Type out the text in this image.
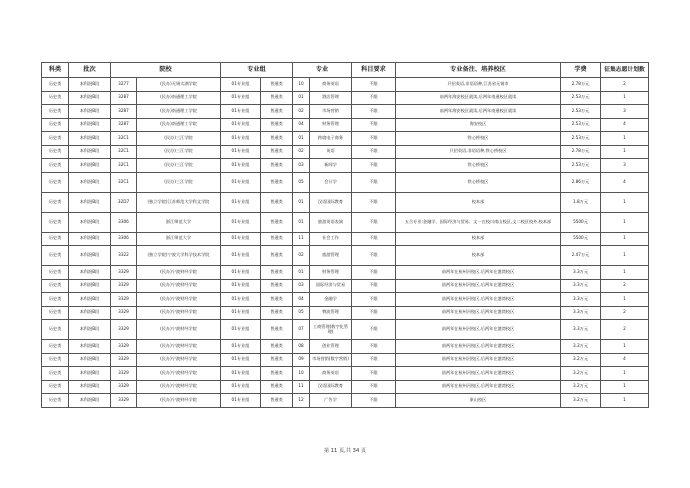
科类	批次	院校		专业组		专业		科目要求	专业备注、培养校区	学费	征集志愿计划数
历史类	本科批B段	3277	(民办)无锡太湖学院	01专业组	普通类	10	商务英语	不限	只招英语,非语语种,江苏省无锡市	2.78万元	2
历史类	本科批B段	3287	(民办)南通理工学院	01专业组	普通类	01	酒店管理	不限	前两年海安校区就读,后两年南通校区就读	2.53万元	1
历史类	本科批B段	3287	(民办)南通理工学院	01专业组	普通类	02	市场营销	不限	前两年海安校区就读,后两年南通校区就读	2.53万元	3
历史类	本科批B段	3287	(民办)南通理工学院	01专业组	普通类	04	财务管理	不限	海安校区	2.53万元	4
历史类	本科批B段	32C1	(民办)三江学院	01专业组	普通类	01	跨境电子商务	不限	铁心桥校区	2.53万元	1
历史类	本科批B段	32C1	(民办)三江学院	01专业组	普通类	02	英语	不限	只招英语,非语语种,铁心桥校区	2.78万元	1
历史类	本科批B段	32C1	(民办)三江学院	01专业组	普通类	03	新闻学	不限	铁心桥校区	2.53万元	3
历史类	本科批B段	32C1	(民办)三江学院	01专业组	普通类	05	会计学	不限	铁心桥校区	2.86万元	4
历史类	本科批B段	32D7	(独立学院)江苏师范大学科文学院	01专业组	普通类	01	汉语国际教育	不限	校本部	1.8万元	1
历史类	本科批B段	3306	浙江师范大学	01专业组	普通类	01	旅游英语表演	不限	五合专业:金融学、国际经济与贸易、文一在校川南山校区,文二校区校外,校本部	5500元	1
历史类	本科批B段	3306	浙江师范大学	01专业组	普通类	11	社会工作	不限	校本部	5500元	1
历史类	本科批B段	3322	(独立学院)宁波大学科学技术学院	01专业组	普通类	02	旅游管理	不限	校本部	2.47万元	1
历史类	本科批B段	3329	(民办)宁波财经学院	01专业组	普通类	01	财务管理	不限	前两年在杭州河校区,后两年在港湾校区	3.3万元	1
历史类	本科批B段	3329	(民办)宁波财经学院	01专业组	普通类	03	国际经济与贸易	不限	前两年在杭州河校区,后两年在港湾校区	3.3万元	2
历史类	本科批B段	3329	(民办)宁波财经学院	01专业组	普通类	04	金融学	不限	前两年在杭州河校区,后两年在港湾校区	3.3万元	1
历史类	本科批B段	3329	(民办)宁波财经学院	01专业组	普通类	05	物流管理	不限	前两年在杭州河校区,后两年在港湾校区	3.3万元	2
历史类	本科批B段	3329	(民办)宁波财经学院	01专业组	普通类	07	工商管理(数字化管理)	不限	前两年在杭州河校区,后两年在港湾校区	3.3万元	2
历史类	本科批B段	3329	(民办)宁波财经学院	01专业组	普通类	08	创业管理	不限	前两年在杭州河校区,后两年在港湾校区	3.3万元	1
历史类	本科批B段	3329	(民办)宁波财经学院	01专业组	普通类	09	市场营销(数字营销)	不限	前两年在杭州河校区,后两年在港湾校区	3.2万元	4
历史类	本科批B段	3329	(民办)宁波财经学院	01专业组	普通类	10	商务英语	不限	前两年在杭州河校区,后两年在港湾校区	3.2万元	1
历史类	本科批B段	3329	(民办)宁波财经学院	01专业组	普通类	11	汉语国际教育	不限	前两年在杭州河校区,后两年在港湾校区	3.2万元	1
历史类	本科批B段	3329	(民办)宁波财经学院	01专业组	普通类	12	广告学	不限	象山校区	3.2万元	1
第 11 页,共 34 页
